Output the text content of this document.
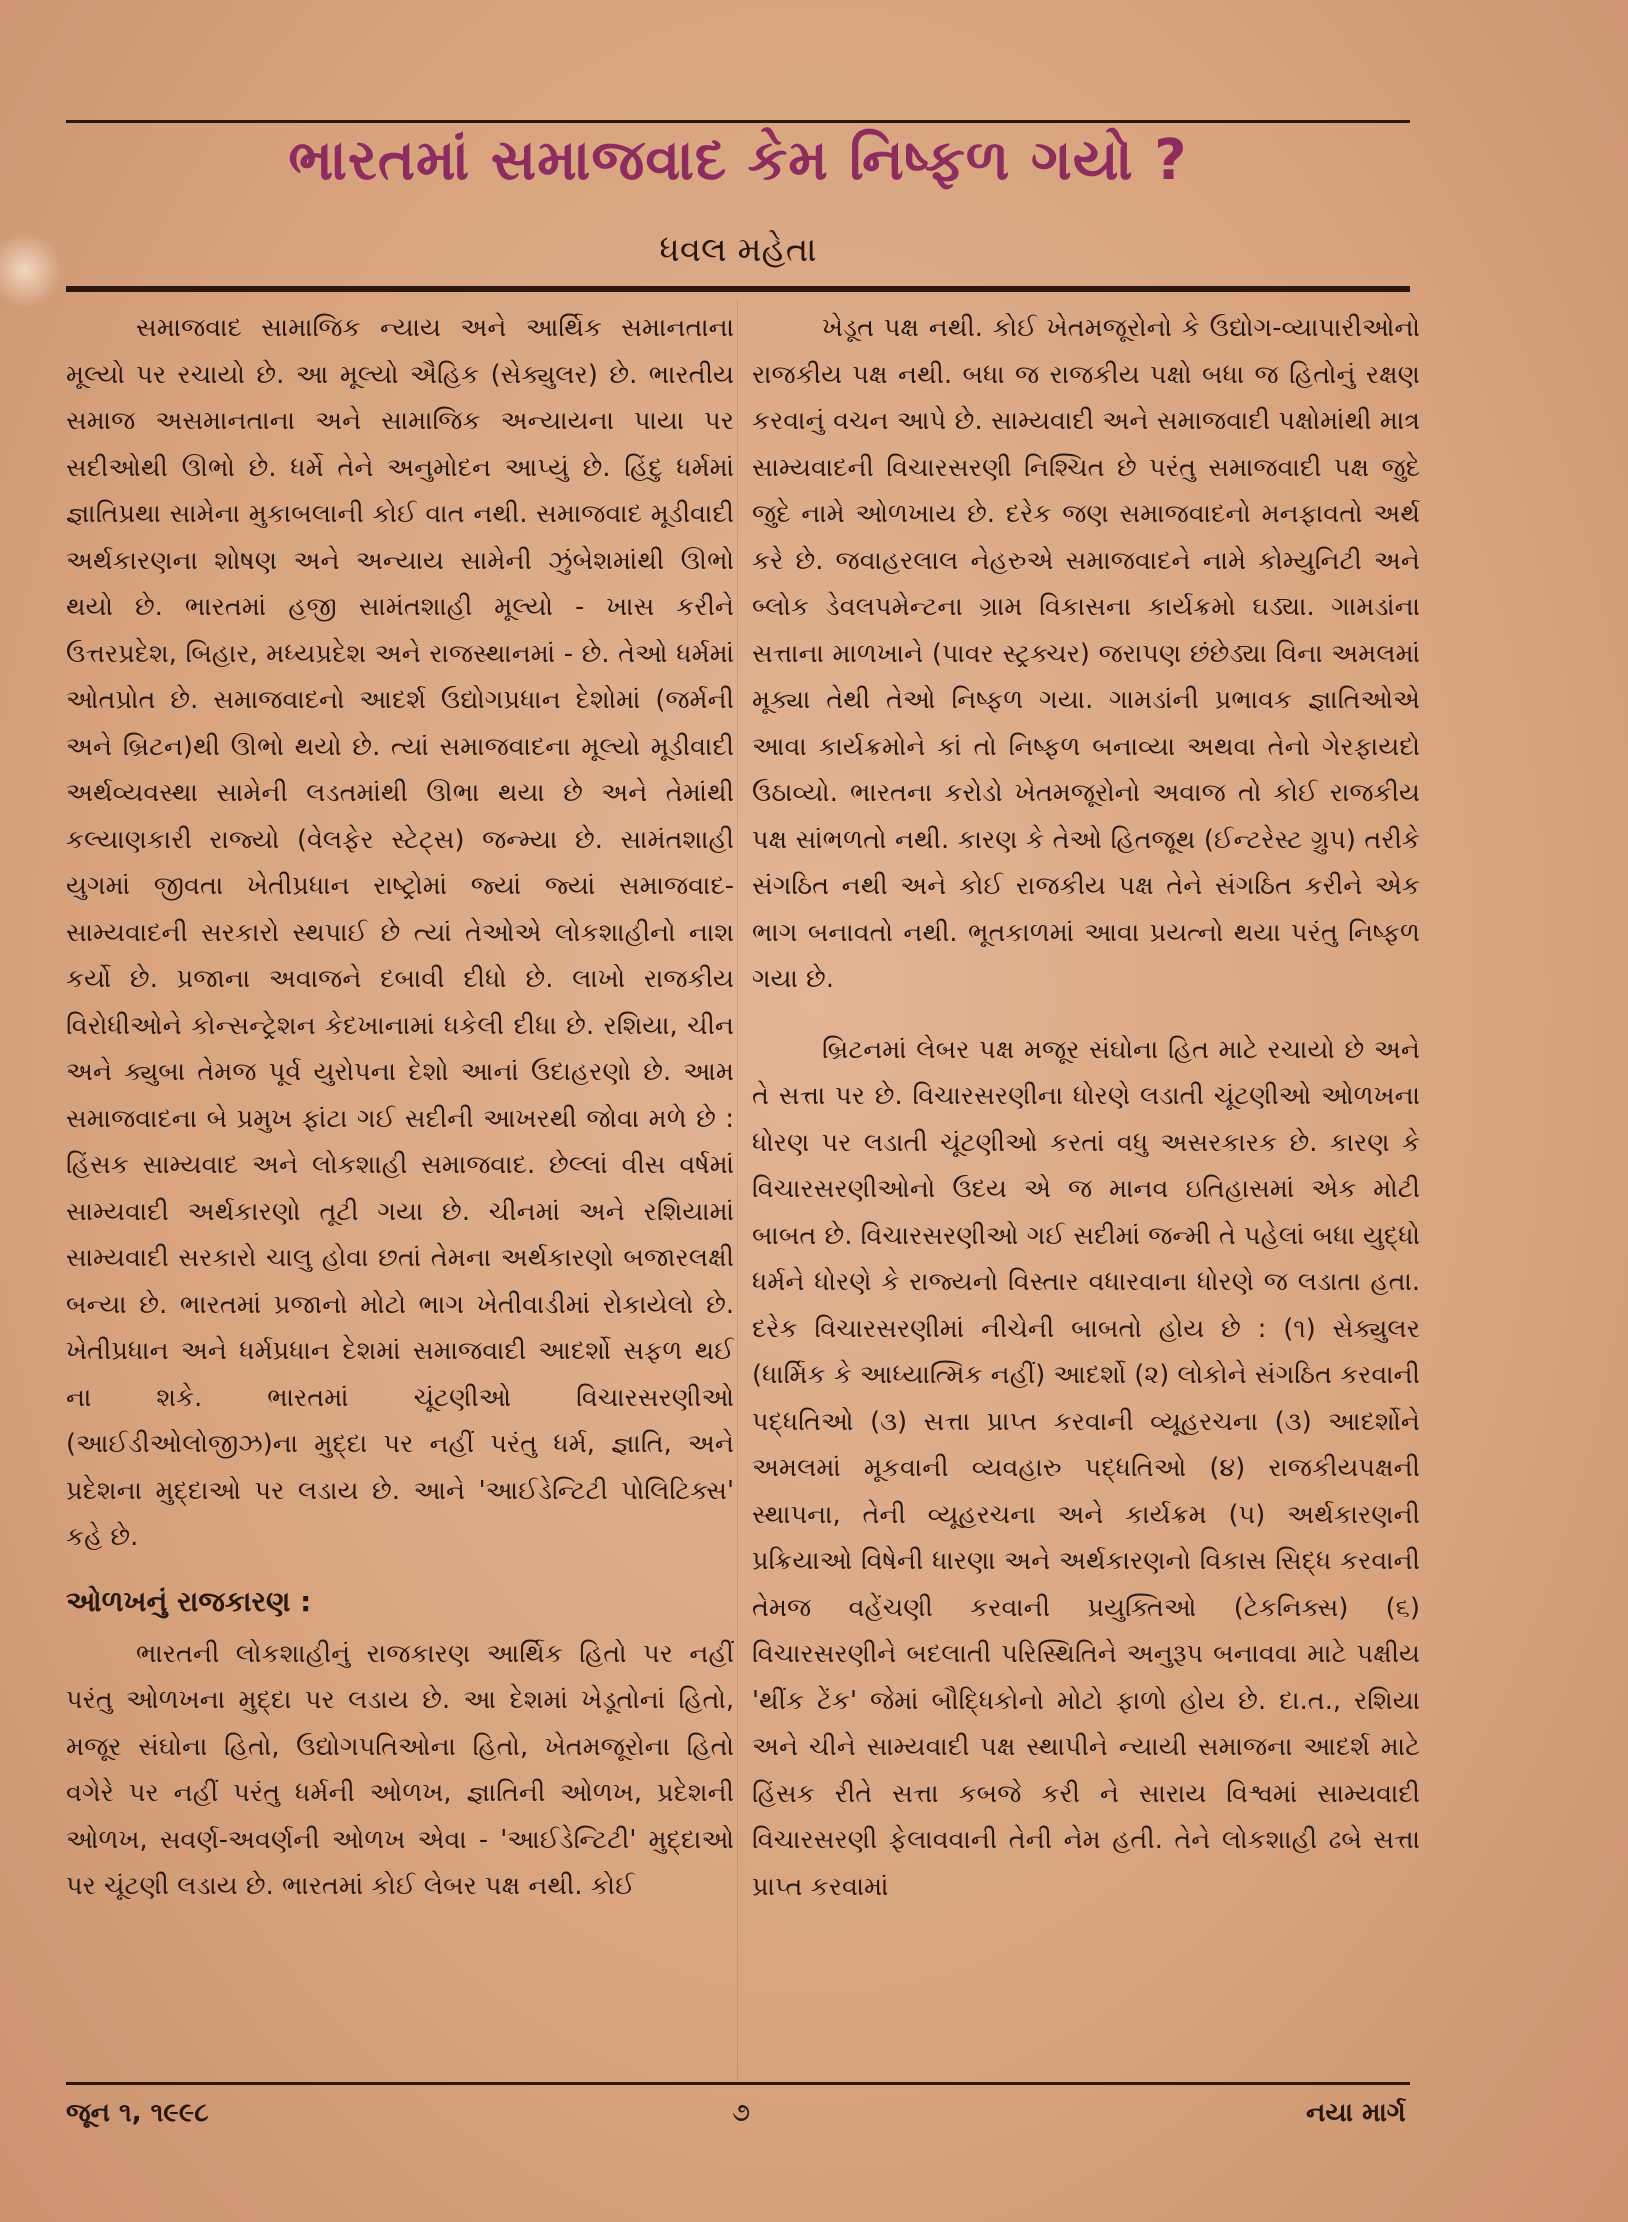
ભારતમાં સમાજવાદ કેમ નિષ્ફળ ગયો ?
ધવલ મહેતા

સમાજવાદ સામાજિક ન્યાય અને આર્થિક સમાનતાના મૂલ્યો પર રચાયો છે. આ મૂલ્યો ઐહિક (સેક્યુલર) છે. ભારતીય સમાજ અસમાનતાના અને સામાજિક અન્યાયના પાયા પર સદીઓથી ઊભો છે. ધર્મે તેને અનુમોદન આપ્યું છે. હિંદુ ધર્મમાં જ્ઞાતિપ્રથા સામેના મુકાબલાની કોઈ વાત નથી. સમાજવાદ મૂડીવાદી અર્થકારણના શોષણ અને અન્યાય સામેની ઝુંબેશમાંથી ઊભો થયો છે. ભારતમાં હજી સામંતશાહી મૂલ્યો - ખાસ કરીને ઉત્તરપ્રદેશ, બિહાર, મધ્યપ્રદેશ અને રાજસ્થાનમાં - છે. તેઓ ધર્મમાં ઓતપ્રોત છે. સમાજવાદનો આદર્શ ઉદ્યોગપ્રધાન દેશોમાં (જર્મની અને બ્રિટન)થી ઊભો થયો છે. ત્યાં સમાજવાદના મૂલ્યો મૂડીવાદી અર્થવ્યવસ્થા સામેની લડતમાંથી ઊભા થયા છે અને તેમાંથી કલ્યાણકારી રાજ્યો (વેલફેર સ્ટેટ્સ) જન્મ્યા છે. સામંતશાહી યુગમાં જીવતા ખેતીપ્રધાન રાષ્ટ્રોમાં જ્યાં જ્યાં સમાજવાદ-સામ્યવાદની સરકારો સ્થપાઈ છે ત્યાં તેઓએ લોકશાહીનો નાશ કર્યો છે. પ્રજાના અવાજને દબાવી દીધો છે. લાખો રાજકીય વિરોધીઓને કોન્સન્ટ્રેશન કેદખાનામાં ધકેલી દીધા છે. રશિયા, ચીન અને ક્યુબા તેમજ પૂર્વ યુરોપના દેશો આનાં ઉદાહરણો છે. આમ સમાજવાદના બે પ્રમુખ ફાંટા ગઈ સદીની આખરથી જોવા મળે છે : હિંસક સામ્યવાદ અને લોકશાહી સમાજવાદ. છેલ્લાં વીસ વર્ષમાં સામ્યવાદી અર્થકારણો તૂટી ગયા છે. ચીનમાં અને રશિયામાં સામ્યવાદી સરકારો ચાલુ હોવા છતાં તેમના અર્થકારણો બજારલક્ષી બન્યા છે. ભારતમાં પ્રજાનો મોટો ભાગ ખેતીવાડીમાં રોકાયેલો છે. ખેતીપ્રધાન અને ધર્મપ્રધાન દેશમાં સમાજવાદી આદર્શો સફળ થઈ ના શકે. ભારતમાં ચૂંટણીઓ વિચારસરણીઓ (આઈડીઓલોજીઝ)ના મુદ્દા પર નહીં પરંતુ ધર્મ, જ્ઞાતિ, અને પ્રદેશના મુદ્દાઓ પર લડાય છે. આને 'આઈડેન્ટિટી પોલિટિક્સ' કહે છે.

ઓળખનું રાજકારણ :

ભારતની લોકશાહીનું રાજકારણ આર્થિક હિતો પર નહીં પરંતુ ઓળખના મુદ્દા પર લડાય છે. આ દેશમાં ખેડૂતોનાં હિતો, મજૂર સંઘોના હિતો, ઉદ્યોગપતિઓના હિતો, ખેતમજૂરોના હિતો વગેરે પર નહીં પરંતુ ધર્મની ઓળખ, જ્ઞાતિની ઓળખ, પ્રદેશની ઓળખ, સવર્ણ-અવર્ણની ઓળખ એવા - 'આઈડેન્ટિટી' મુદ્દાઓ પર ચૂંટણી લડાય છે. ભારતમાં કોઈ લેબર પક્ષ નથી. કોઈ

ખેડૂત પક્ષ નથી. કોઈ ખેતમજૂરોનો કે ઉદ્યોગ-વ્યાપારીઓનો રાજકીય પક્ષ નથી. બધા જ રાજકીય પક્ષો બધા જ હિતોનું રક્ષણ કરવાનું વચન આપે છે. સામ્યવાદી અને સમાજવાદી પક્ષોમાંથી માત્ર સામ્યવાદની વિચારસરણી નિશ્ચિત છે પરંતુ સમાજવાદી પક્ષ જુદે જુદે નામે ઓળખાય છે. દરેક જણ સમાજવાદનો મનફાવતો અર્થ કરે છે. જવાહરલાલ નેહરુએ સમાજવાદને નામે કોમ્યુનિટી અને બ્લોક ડેવલપમેન્ટના ગ્રામ વિકાસના કાર્યક્રમો ઘડ્યા. ગામડાંના સત્તાના માળખાને (પાવર સ્ટ્રક્ચર) જરાપણ છંછેડ્યા વિના અમલમાં મૂક્યા તેથી તેઓ નિષ્ફળ ગયા. ગામડાંની પ્રભાવક જ્ઞાતિઓએ આવા કાર્યક્રમોને કાં તો નિષ્ફળ બનાવ્યા અથવા તેનો ગેરફાયદો ઉઠાવ્યો. ભારતના કરોડો ખેતમજૂરોનો અવાજ તો કોઈ રાજકીય પક્ષ સાંભળતો નથી. કારણ કે તેઓ હિતજૂથ (ઈન્ટરેસ્ટ ગ્રુપ) તરીકે સંગઠિત નથી અને કોઈ રાજકીય પક્ષ તેને સંગઠિત કરીને એક ભાગ બનાવતો નથી. ભૂતકાળમાં આવા પ્રયત્નો થયા પરંતુ નિષ્ફળ ગયા છે.

બ્રિટનમાં લેબર પક્ષ મજૂર સંઘોના હિત માટે રચાયો છે અને તે સત્તા પર છે. વિચારસરણીના ધોરણે લડાતી ચૂંટણીઓ ઓળખના ધોરણ પર લડાતી ચૂંટણીઓ કરતાં વધુ અસરકારક છે. કારણ કે વિચારસરણીઓનો ઉદય એ જ માનવ ઇતિહાસમાં એક મોટી બાબત છે. વિચારસરણીઓ ગઈ સદીમાં જન્મી તે પહેલાં બધા યુદ્ધો ધર્મને ધોરણે કે રાજ્યનો વિસ્તાર વધારવાના ધોરણે જ લડાતા હતા. દરેક વિચારસરણીમાં નીચેની બાબતો હોય છે : (૧) સેક્યુલર (ધાર્મિક કે આધ્યાત્મિક નહીં) આદર્શો (૨) લોકોને સંગઠિત કરવાની પદ્ધતિઓ (૩) સત્તા પ્રાપ્ત કરવાની વ્યૂહરચના (૩) આદર્શોને અમલમાં મૂકવાની વ્યવહારુ પદ્ધતિઓ (૪) રાજકીયપક્ષની સ્થાપના, તેની વ્યૂહરચના અને કાર્યક્રમ (૫) અર્થકારણની પ્રક્રિયાઓ વિષેની ધારણા અને અર્થકારણનો વિકાસ સિદ્ધ કરવાની તેમજ વહેંચણી કરવાની પ્રયુક્તિઓ (ટેકનિક્સ) (૬) વિચારસરણીને બદલાતી પરિસ્થિતિને અનુરૂપ બનાવવા માટે પક્ષીય 'થીંક ટેંક' જેમાં બૌદ્ધિકોનો મોટો ફાળો હોય છે. દા.ત., રશિયા અને ચીને સામ્યવાદી પક્ષ સ્થાપીને ન્યાયી સમાજના આદર્શ માટે હિંસક રીતે સત્તા કબજે કરી ને સારાય વિશ્વમાં સામ્યવાદી વિચારસરણી ફેલાવવાની તેની નેમ હતી. તેને લોકશાહી ઢબે સત્તા પ્રાપ્ત કરવામાં

જૂન ૧, ૧૯૯૮	૭	નયા માર્ગ
